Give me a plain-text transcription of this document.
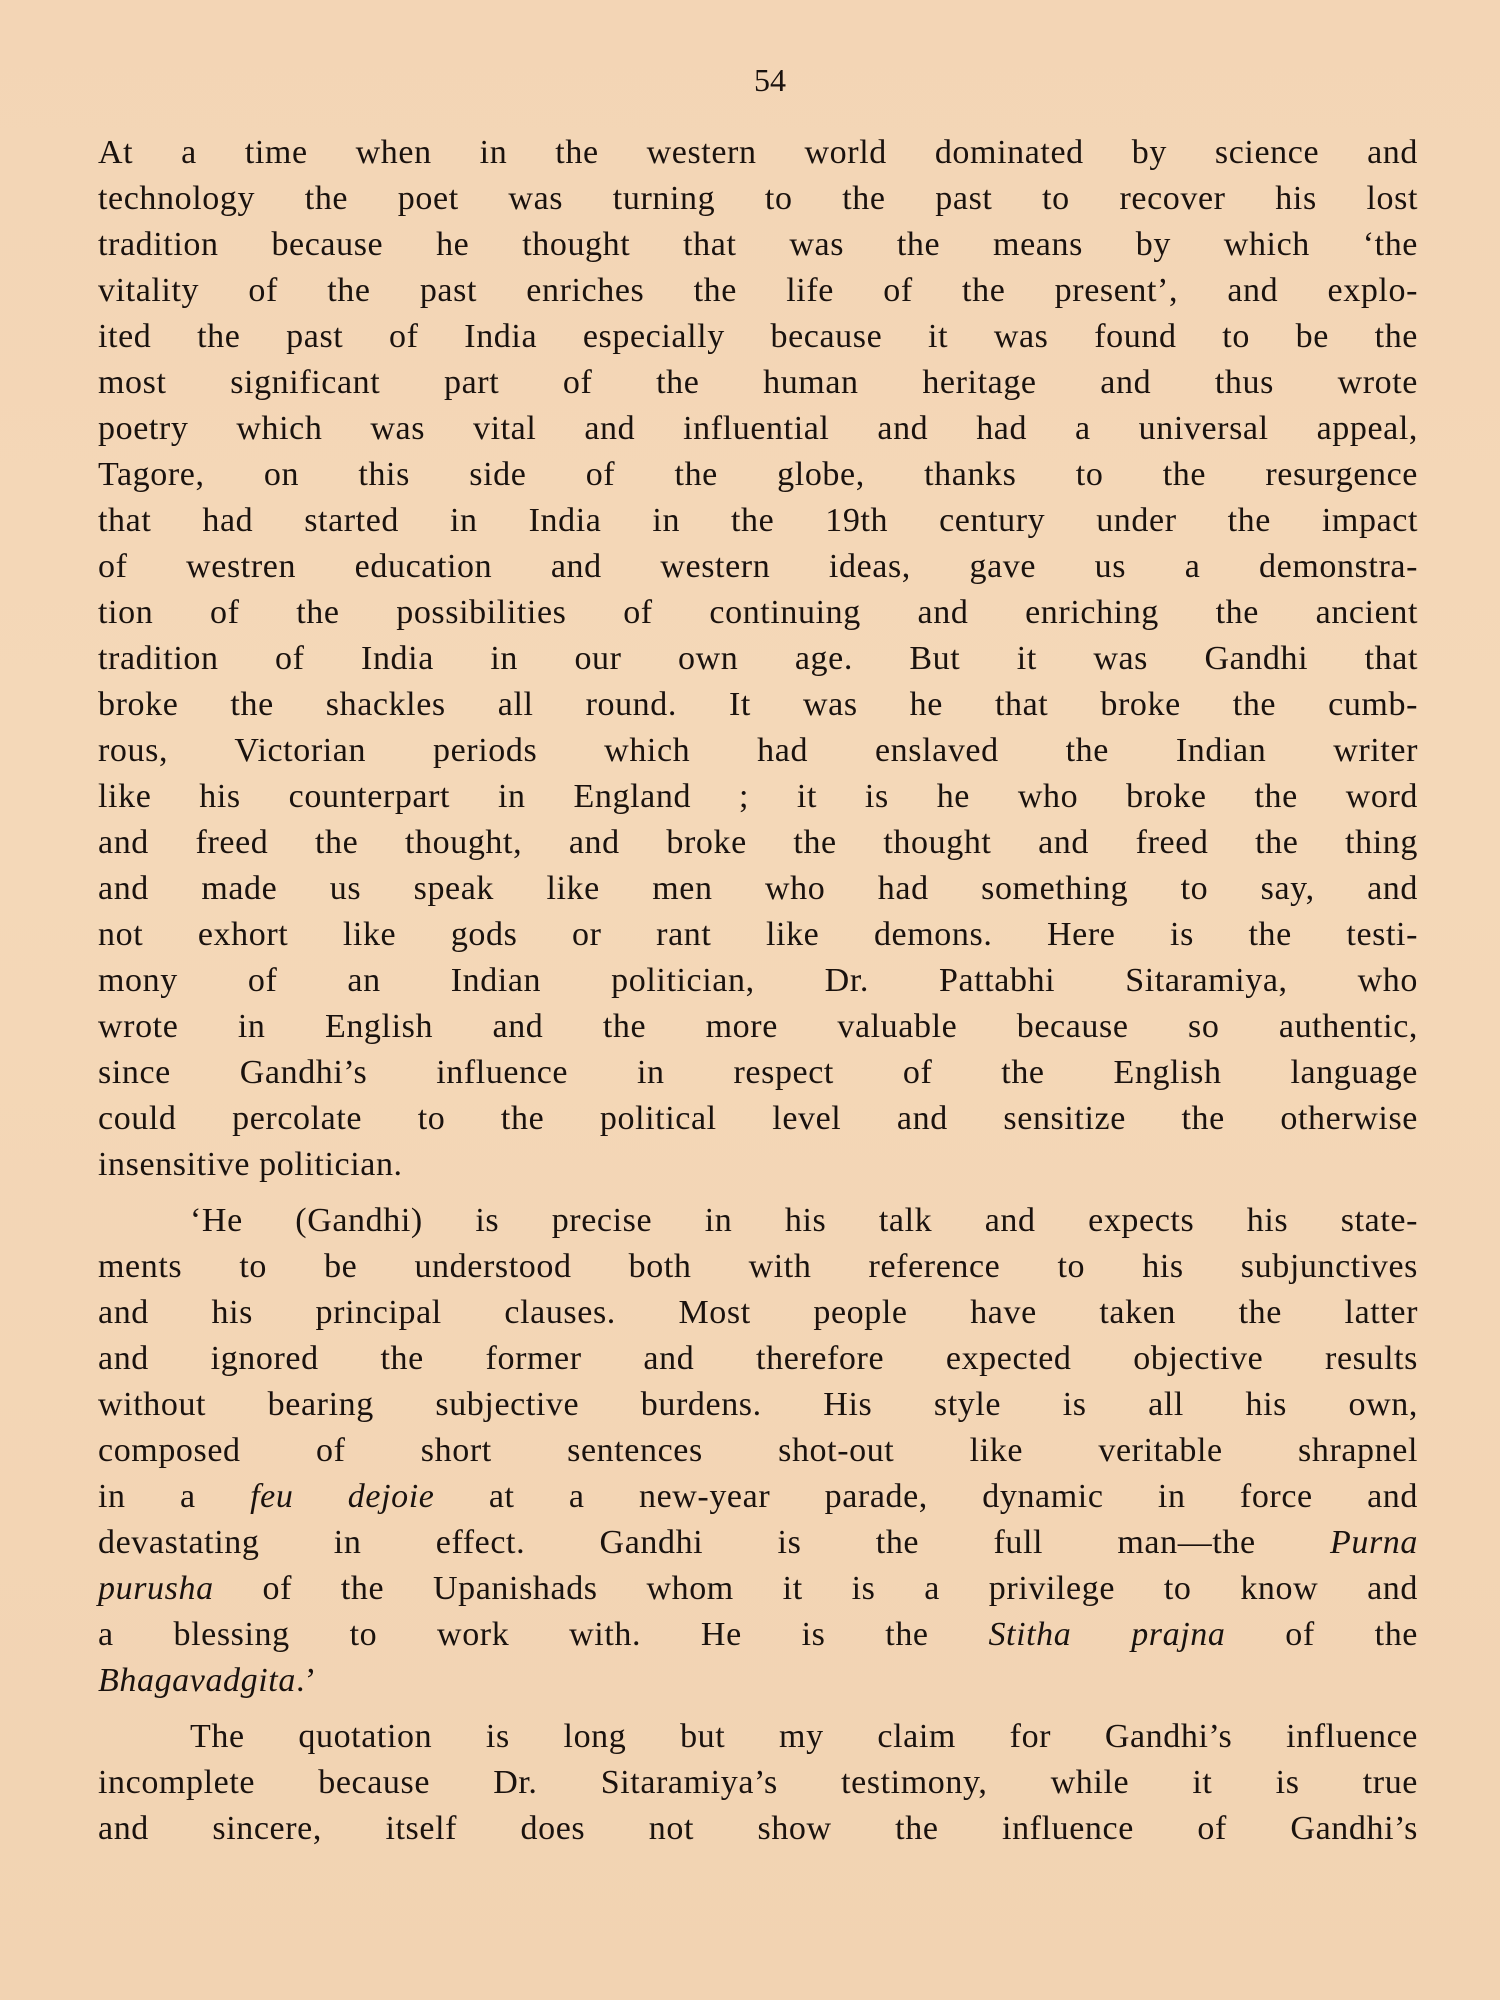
54
At a time when in the western world dominated by science and
technology the poet was turning to the past to recover his lost
tradition because he thought that was the means by which ‘the
vitality of the past enriches the life of the present’, and explo-
ited the past of India especially because it was found to be the
most significant part of the human heritage and thus wrote
poetry which was vital and influential and had a universal appeal,
Tagore, on this side of the globe, thanks to the resurgence
that had started in India in the 19th century under the impact
of westren education and western ideas, gave us a demonstra-
tion of the possibilities of continuing and enriching the ancient
tradition of India in our own age. But it was Gandhi that
broke the shackles all round. It was he that broke the cumb-
rous, Victorian periods which had enslaved the Indian writer
like his counterpart in England ; it is he who broke the word
and freed the thought, and broke the thought and freed the thing
and made us speak like men who had something to say, and
not exhort like gods or rant like demons. Here is the testi-
mony of an Indian politician, Dr. Pattabhi Sitaramiya, who
wrote in English and the more valuable because so authentic,
since Gandhi’s influence in respect of the English language
could percolate to the political level and sensitize the otherwise
insensitive politician.
‘He (Gandhi) is precise in his talk and expects his state-
ments to be understood both with reference to his subjunctives
and his principal clauses. Most people have taken the latter
and ignored the former and therefore expected objective results
without bearing subjective burdens. His style is all his own,
composed of short sentences shot-out like veritable shrapnel
in a feu dejoie at a new-year parade, dynamic in force and
devastating in effect. Gandhi is the full man—the Purna
purusha of the Upanishads whom it is a privilege to know and
a blessing to work with. He is the Stitha prajna of the
Bhagavadgita.’
The quotation is long but my claim for Gandhi’s influence
incomplete because Dr. Sitaramiya’s testimony, while it is true
and sincere, itself does not show the influence of Gandhi’s
